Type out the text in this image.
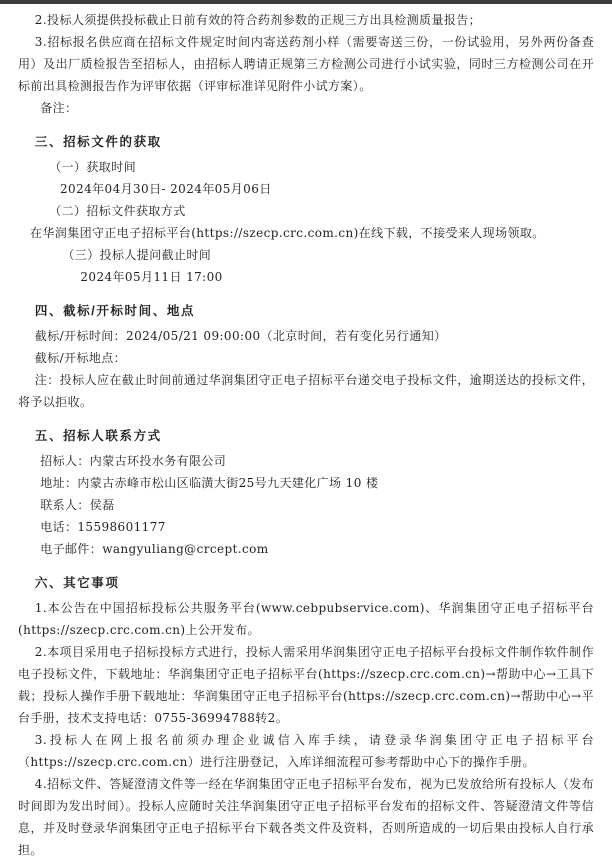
2.投标人须提供投标截止日前有效的符合药剂参数的正规三方出具检测质量报告；

3.招标报名供应商在招标文件规定时间内寄送药剂小样（需要寄送三份，一份试验用，另外两份备查用）及出厂质检报告至招标人，由招标人聘请正规第三方检测公司进行小试实验，同时三方检测公司在开标前出具检测报告作为评审依据（评审标准详见附件小试方案）。

备注：

三、招标文件的获取

（一）获取时间

2024年04月30日- 2024年05月06日

（二）招标文件获取方式

在华润集团守正电子招标平台(https://szecp.crc.com.cn)在线下载，不接受来人现场领取。

（三）投标人提问截止时间

2024年05月11日 17:00

四、截标/开标时间、地点

截标/开标时间：2024/05/21 09:00:00（北京时间，若有变化另行通知）

截标/开标地点：

注：投标人应在截止时间前通过华润集团守正电子招标平台递交电子投标文件，逾期送达的投标文件，将予以拒收。

五、招标人联系方式

招标人：内蒙古环投水务有限公司

地址：内蒙古赤峰市松山区临潢大街25号九天建化广场 10 楼

联系人：侯磊

电话：15598601177

电子邮件：wangyuliang@crcept.com

六、其它事项

1.本公告在中国招标投标公共服务平台(www.cebpubservice.com)、华润集团守正电子招标平台(https://szecp.crc.com.cn)上公开发布。

2.本项目采用电子招标投标方式进行，投标人需采用华润集团守正电子招标平台投标文件制作软件制作电子投标文件，下载地址：华润集团守正电子招标平台(https://szecp.crc.com.cn)→帮助中心→工具下载；投标人操作手册下载地址：华润集团守正电子招标平台(https://szecp.crc.com.cn)→帮助中心→平台手册，技术支持电话：0755-36994788转2。

3.投标人在网上报名前须办理企业诚信入库手续，请登录华润集团守正电子招标平台（https://szecp.crc.com.cn）进行注册登记，入库详细流程可参考帮助中心下的操作手册。

4.招标文件、答疑澄清文件等一经在华润集团守正电子招标平台发布，视为已发放给所有投标人（发布时间即为发出时间）。投标人应随时关注华润集团守正电子招标平台发布的招标文件、答疑澄清文件等信息，并及时登录华润集团守正电子招标平台下载各类文件及资料，否则所造成的一切后果由投标人自行承担。
